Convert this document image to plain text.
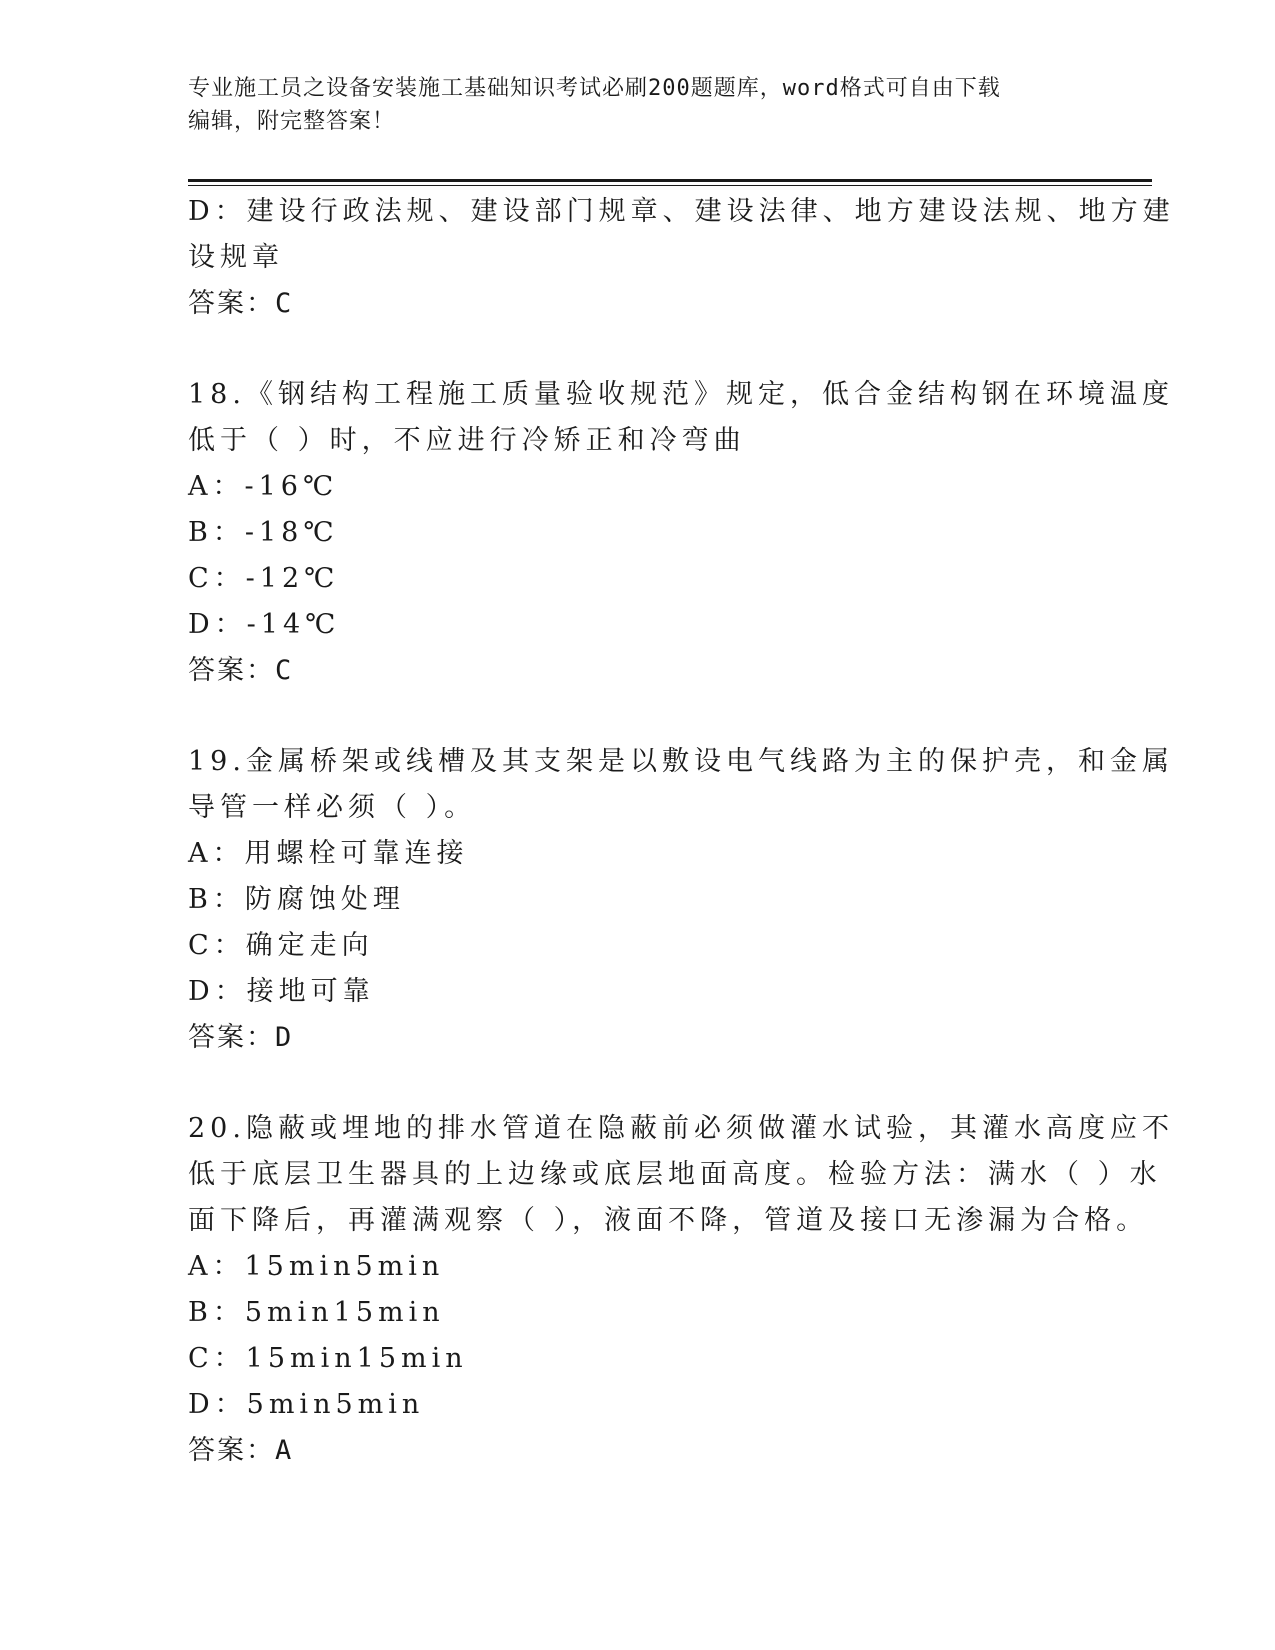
专业施工员之设备安装施工基础知识考试必刷200题题库，word格式可自由下载
编辑，附完整答案！
D：建设行政法规、建设部门规章、建设法律、地方建设法规、地方建
设规章
答案：C
18.《钢结构工程施工质量验收规范》规定，低合金结构钢在环境温度
低于（ ）时，不应进行冷矫正和冷弯曲
A：-16℃
B：-18℃
C：-12℃
D：-14℃
答案：C
19.金属桥架或线槽及其支架是以敷设电气线路为主的保护壳，和金属
导管一样必须（ ）。
A：用螺栓可靠连接
B：防腐蚀处理
C：确定走向
D：接地可靠
答案：D
20.隐蔽或埋地的排水管道在隐蔽前必须做灌水试验，其灌水高度应不
低于底层卫生器具的上边缘或底层地面高度。检验方法：满水（ ）水
面下降后，再灌满观察（ ），液面不降，管道及接口无渗漏为合格。
A：15min5min
B：5min15min
C：15min15min
D：5min5min
答案：A
